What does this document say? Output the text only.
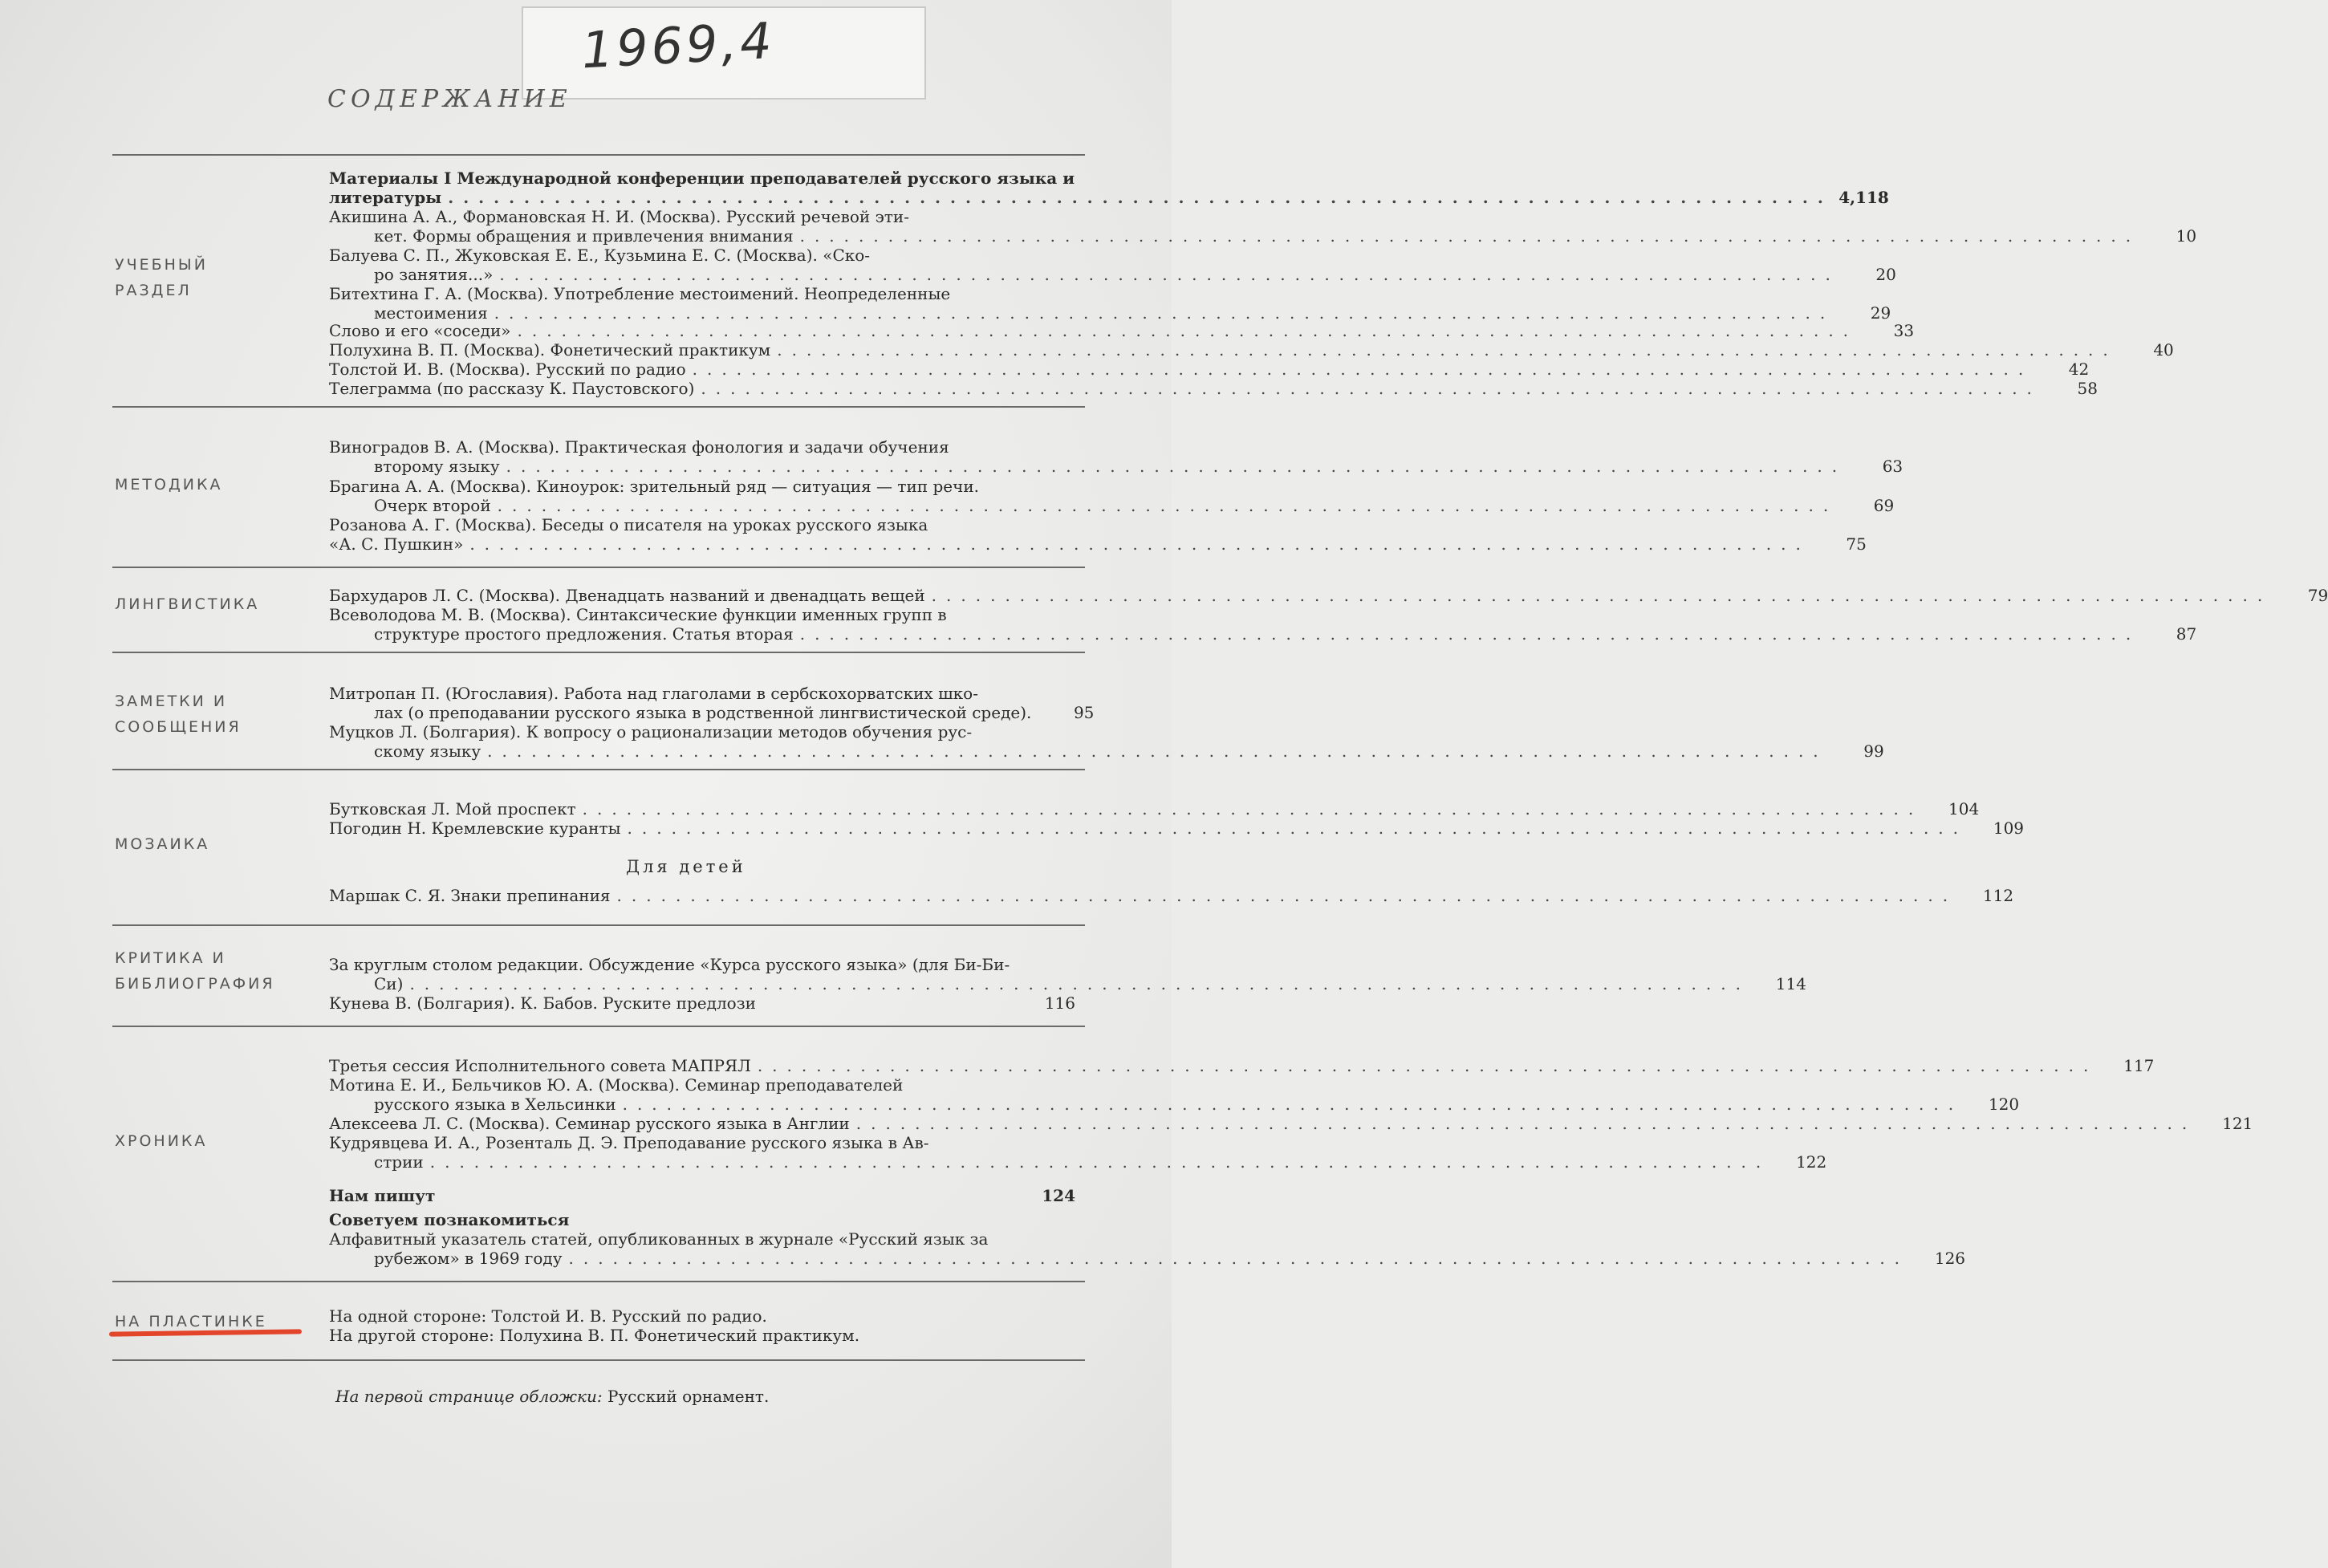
1969,4
СОДЕРЖАНИЕ
УЧЕБНЫЙ РАЗДЕЛ
Материалы I Международной конференции преподавателей русского языка и
литературы ........................................................................................... 4,118
Акишина А. А., Формановская Н. И. (Москва). Русский речевой эти-
кет. Формы обращения и привлечения внимания ...........................................................................................	10
Балуева С. П., Жуковская Е. Е., Кузьмина Е. С. (Москва). «Ско-
ро занятия...» ...........................................................................................	20
Битехтина Г. А. (Москва). Употребление местоимений. Неопределенные
местоимения ...........................................................................................	29
Слово и его «соседи» ...........................................................................................	33
Полухина В. П. (Москва). Фонетический практикум ...........................................................................................	40
Толстой И. В. (Москва). Русский по радио ...........................................................................................	42
Телеграмма (по рассказу К. Паустовского) ...........................................................................................	58
МЕТОДИКА
Виноградов В. А. (Москва). Практическая фонология и задачи обучения
второму языку ...........................................................................................	63
Брагина А. А. (Москва). Киноурок: зрительный ряд — ситуация — тип речи.
Очерк второй ...........................................................................................	69
Розанова А. Г. (Москва). Беседы о писателя на уроках русского языка
«А. С. Пушкин» ...........................................................................................	75
ЛИНГВИСТИКА	Бархударов Л. С. (Москва). Двенадцать названий и двенадцать вещей ...........................................................................................	79
Всеволодова М. В. (Москва). Синтаксические функции именных групп в
структуре простого предложения. Статья вторая ...........................................................................................	87
ЗАМЕТКИ И СООБЩЕНИЯ
Митропан П. (Югославия). Работа над глаголами в сербскохорватских шко-
лах (о преподавании русского языка в родственной лингвистической среде).	95
Муцков Л. (Болгария). К вопросу о рационализации методов обучения рус-
скому языку ...........................................................................................	99
МОЗАИКА
Бутковская Л. Мой проспект ...........................................................................................	104
Погодин Н. Кремлевские куранты ...........................................................................................	109
Для детей
Маршак С. Я. Знаки препинания ...........................................................................................	112
КРИТИКА И БИБЛИОГРАФИЯ
За круглым столом редакции. Обсуждение «Курса русского языка» (для Би-Би-
Си) ...........................................................................................	114
Кунева В. (Болгария). К. Бабов. Руските предлози	116
ХРОНИКА
Третья сессия Исполнительного совета МАПРЯЛ ...........................................................................................	117
Мотина Е. И., Бельчиков Ю. А. (Москва). Семинар преподавателей
русского языка в Хельсинки ...........................................................................................	120
Алексеева Л. С. (Москва). Семинар русского языка в Англии ...........................................................................................	121
Кудрявцева И. А., Розенталь Д. Э. Преподавание русского языка в Ав-
стрии ...........................................................................................	122
Нам пишут	124
Советуем познакомиться
Алфавитный указатель статей, опубликованных в журнале «Русский язык за
рубежом» в 1969 году ...........................................................................................	126
НА ПЛАСТИНКЕ	На одной стороне: Толстой И. В. Русский по радио.
На другой стороне: Полухина В. П. Фонетический практикум.
На первой странице обложки: Русский орнамент.
